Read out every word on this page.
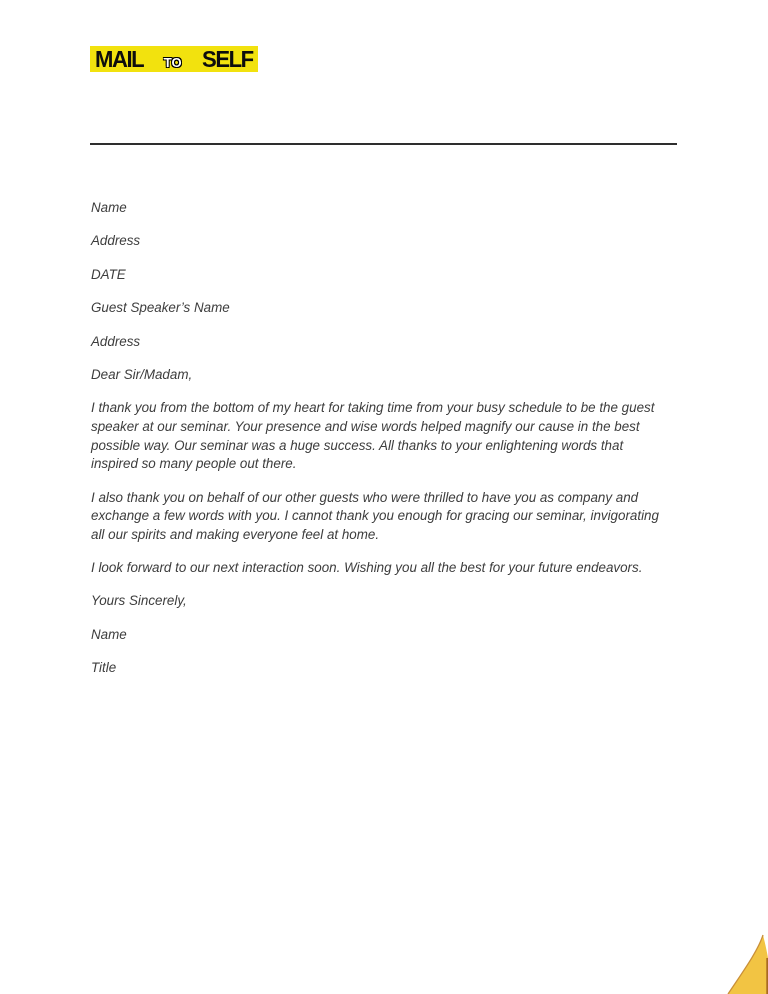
MAIL TO SELF
Name
Address
DATE
Guest Speaker’s Name
Address
Dear Sir/Madam,
I thank you from the bottom of my heart for taking time from your busy schedule to be the guest
speaker at our seminar. Your presence and wise words helped magnify our cause in the best
possible way. Our seminar was a huge success. All thanks to your enlightening words that
inspired so many people out there.
I also thank you on behalf of our other guests who were thrilled to have you as company and
exchange a few words with you. I cannot thank you enough for gracing our seminar, invigorating
all our spirits and making everyone feel at home.
I look forward to our next interaction soon. Wishing you all the best for your future endeavors.
Yours Sincerely,
Name
Title
